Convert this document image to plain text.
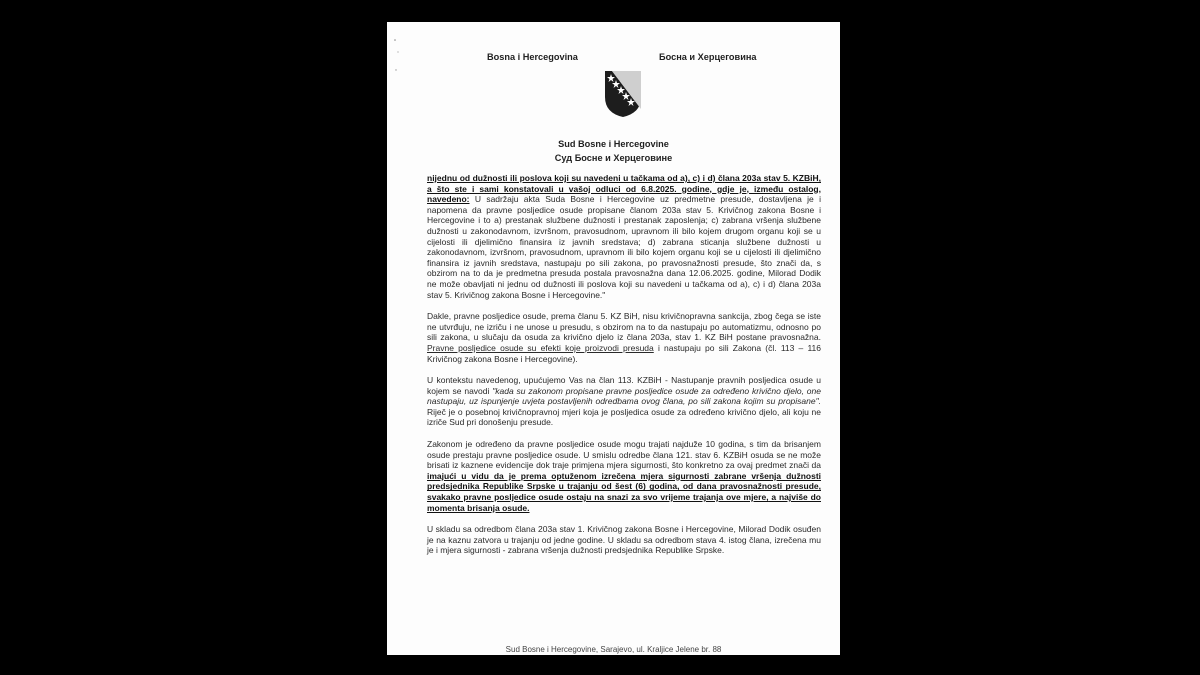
Bosna i Hercegovina	Босна и Херцеговина
Sud Bosne i Hercegovine
Суд Босне и Херцеговине

nijednu od dužnosti ili poslova koji su navedeni u tačkama od a), c) i d) člana 203a stav 5. KZBiH, a što ste i sami konstatovali u vašoj odluci od 6.8.2025. godine, gdje je, između ostalog, navedeno: U sadržaju akta Suda Bosne i Hercegovine uz predmetne presude, dostavljena je i napomena da pravne posljedice osude propisane članom 203a stav 5. Krivičnog zakona Bosne i Hercegovine i to a) prestanak službene dužnosti i prestanak zaposlenja; c) zabrana vršenja službene dužnosti u zakonodavnom, izvršnom, pravosudnom, upravnom ili bilo kojem drugom organu koji se u cijelosti ili djelimično finansira iz javnih sredstava; d) zabrana sticanja službene dužnosti u zakonodavnom, izvršnom, pravosudnom, upravnom ili bilo kojem organu koji se u cijelosti ili djelimično finansira iz javnih sredstava, nastupaju po sili zakona, po pravosnažnosti presude, što znači da, s obzirom na to da je predmetna presuda postala pravosnažna dana 12.06.2025. godine, Milorad Dodik ne može obavljati ni jednu od dužnosti ili poslova koji su navedeni u tačkama od a), c) i d) člana 203a stav 5. Krivičnog zakona Bosne i Hercegovine."

Dakle, pravne posljedice osude, prema članu 5. KZ BiH, nisu krivičnopravna sankcija, zbog čega se iste ne utvrđuju, ne izriču i ne unose u presudu, s obzirom na to da nastupaju po automatizmu, odnosno po sili zakona, u slučaju da osuda za krivično djelo iz člana 203a, stav 1. KZ BiH postane pravosnažna. Pravne posljedice osude su efekti koje proizvodi presuda i nastupaju po sili Zakona (čl. 113 – 116 Krivičnog zakona Bosne i Hercegovine).

U kontekstu navedenog, upućujemo Vas na član 113. KZBiH - Nastupanje pravnih posljedica osude u kojem se navodi "kada su zakonom propisane pravne posljedice osude za određeno krivično djelo, one nastupaju, uz ispunjenje uvjeta postavljenih odredbama ovog člana, po sili zakona kojim su propisane". Riječ je o posebnoj krivičnopravnoj mjeri koja je posljedica osude za određeno krivično djelo, ali koju ne izriče Sud pri donošenju presude.

Zakonom je određeno da pravne posljedice osude mogu trajati najduže 10 godina, s tim da brisanjem osude prestaju pravne posljedice osude. U smislu odredbe člana 121. stav 6. KZBiH osuda se ne može brisati iz kaznene evidencije dok traje primjena mjera sigurnosti, što konkretno za ovaj predmet znači da imajući u vidu da je prema optuženom izrečena mjera sigurnosti zabrane vršenja dužnosti predsjednika Republike Srpske u trajanju od šest (6) godina, od dana pravosnažnosti presude, svakako pravne posljedice osude ostaju na snazi za svo vrijeme trajanja ove mjere, a najviše do momenta brisanja osude.

U skladu sa odredbom člana 203a stav 1. Krivičnog zakona Bosne i Hercegovine, Milorad Dodik osuđen je na kaznu zatvora u trajanju od jedne godine. U skladu sa odredbom stava 4. istog člana, izrečena mu je i mjera sigurnosti - zabrana vršenja dužnosti predsjednika Republike Srpske.

Sud Bosne i Hercegovine, Sarajevo, ul. Kraljice Jelene br. 88
